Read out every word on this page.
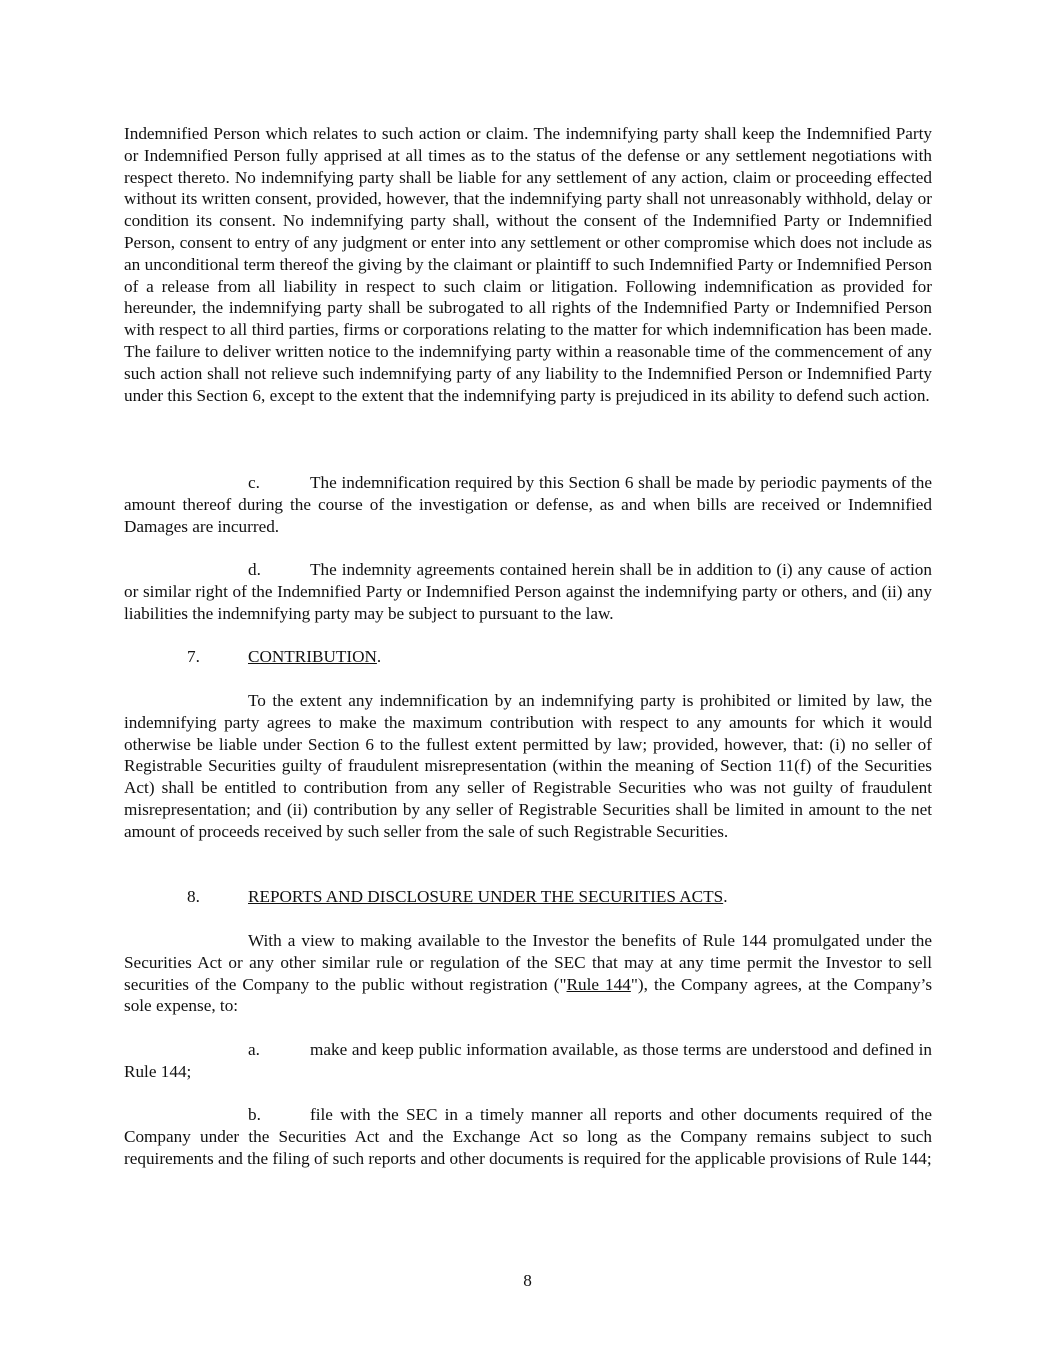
Indemnified Person which relates to such action or claim. The indemnifying party shall keep the Indemnified Party or Indemnified Person fully apprised at all times as to the status of the defense or any settlement negotiations with respect thereto. No indemnifying party shall be liable for any settlement of any action, claim or proceeding effected without its written consent, provided, however, that the indemnifying party shall not unreasonably withhold, delay or condition its consent. No indemnifying party shall, without the consent of the Indemnified Party or Indemnified Person, consent to entry of any judgment or enter into any settlement or other compromise which does not include as an unconditional term thereof the giving by the claimant or plaintiff to such Indemnified Party or Indemnified Person of a release from all liability in respect to such claim or litigation. Following indemnification as provided for hereunder, the indemnifying party shall be subrogated to all rights of the Indemnified Party or Indemnified Person with respect to all third parties, firms or corporations relating to the matter for which indemnification has been made. The failure to deliver written notice to the indemnifying party within a reasonable time of the commencement of any such action shall not relieve such indemnifying party of any liability to the Indemnified Person or Indemnified Party under this Section 6, except to the extent that the indemnifying party is prejudiced in its ability to defend such action.

c.	The indemnification required by this Section 6 shall be made by periodic payments of the amount thereof during the course of the investigation or defense, as and when bills are received or Indemnified Damages are incurred.

d.	The indemnity agreements contained herein shall be in addition to (i) any cause of action or similar right of the Indemnified Party or Indemnified Person against the indemnifying party or others, and (ii) any liabilities the indemnifying party may be subject to pursuant to the law.

7.	CONTRIBUTION.

To the extent any indemnification by an indemnifying party is prohibited or limited by law, the indemnifying party agrees to make the maximum contribution with respect to any amounts for which it would otherwise be liable under Section 6 to the fullest extent permitted by law; provided, however, that: (i) no seller of Registrable Securities guilty of fraudulent misrepresentation (within the meaning of Section 11(f) of the Securities Act) shall be entitled to contribution from any seller of Registrable Securities who was not guilty of fraudulent misrepresentation; and (ii) contribution by any seller of Registrable Securities shall be limited in amount to the net amount of proceeds received by such seller from the sale of such Registrable Securities.

8.	REPORTS AND DISCLOSURE UNDER THE SECURITIES ACTS.

With a view to making available to the Investor the benefits of Rule 144 promulgated under the Securities Act or any other similar rule or regulation of the SEC that may at any time permit the Investor to sell securities of the Company to the public without registration ("Rule 144"), the Company agrees, at the Company’s sole expense, to:

a.	make and keep public information available, as those terms are understood and defined in Rule 144;

b.	file with the SEC in a timely manner all reports and other documents required of the Company under the Securities Act and the Exchange Act so long as the Company remains subject to such requirements and the filing of such reports and other documents is required for the applicable provisions of Rule 144;

8
